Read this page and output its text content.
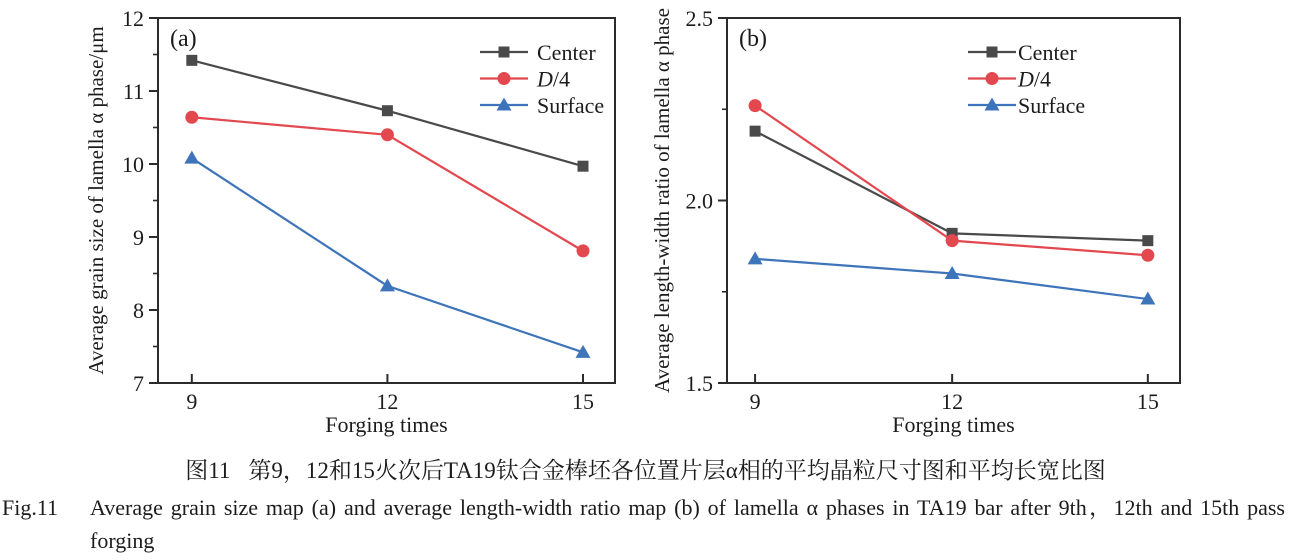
7
8
9
10
11
12
9	12	15
Forging times
Average grain size of lamella α phase/μm	(a)
Center
D/4
Surface
1.5
2.0
2.5
9	12	15
Forging times
Average length-width ratio of lamella α phase	(b)
Center
D/4
Surface
图11 第9，12和15火次后TA19钛合金棒坯各位置片层α相的平均晶粒尺寸图和平均长宽比图
Fig.11	Average grain size map (a) and average length-width ratio map (b) of lamella α phases in TA19 bar after 9th，12th and 15th pass forging
